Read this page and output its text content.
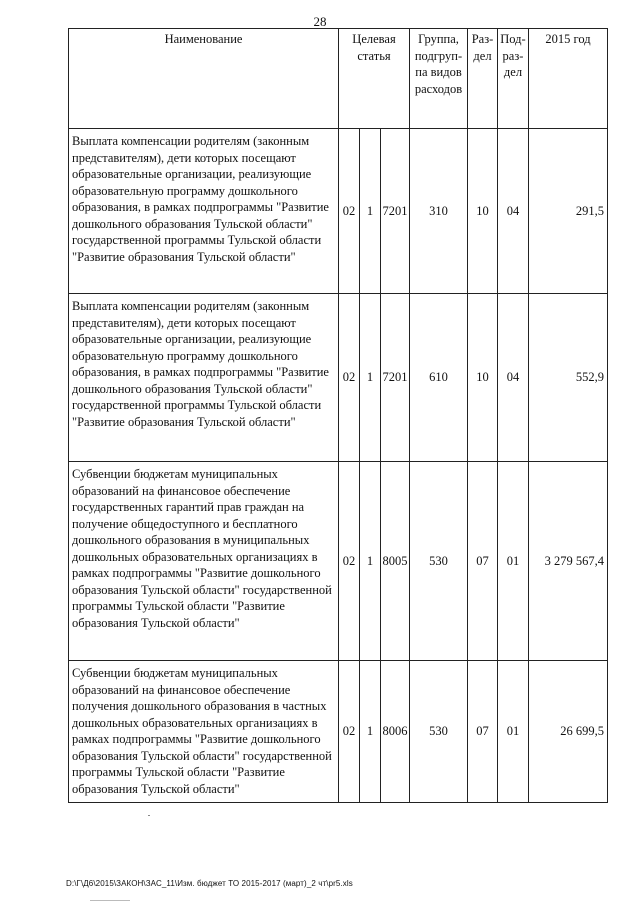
28
Наименование	Целевая статья			Группа, подгруп-па видов расходов	Раз-дел	Под-раз-дел	2015 год
Выплата компенсации родителям (законным представителям), дети которых посещают образовательные организации, реализующие образовательную программу дошкольного образования, в рамках подпрограммы "Развитие дошкольного образования Тульской области" государственной программы Тульской области "Развитие образования Тульской области"	02	1	7201	310	10	04	291,5
Выплата компенсации родителям (законным представителям), дети которых посещают образовательные организации, реализующие образовательную программу дошкольного образования, в рамках подпрограммы "Развитие дошкольного образования Тульской области" государственной программы Тульской области "Развитие образования Тульской области"	02	1	7201	610	10	04	552,9
Субвенции бюджетам муниципальных образований на финансовое обеспечение государственных гарантий прав граждан на получение общедоступного и бесплатного дошкольного образования в муниципальных дошкольных образовательных организациях в рамках подпрограммы "Развитие дошкольного образования Тульской области" государственной программы Тульской области "Развитие образования Тульской области"	02	1	8005	530	07	01	3 279 567,4
Субвенции бюджетам муниципальных образований на финансовое обеспечение получения дошкольного образования в частных дошкольных образовательных организациях в рамках подпрограммы "Развитие дошкольного образования Тульской области" государственной программы Тульской области "Развитие образования Тульской области"	02	1	8006	530	07	01	26 699,5
D:\Г\Д6\2015\ЗАКОН\ЗАС_11\Изм. бюджет ТО 2015-2017 (март)_2 чт\pr5.xls
